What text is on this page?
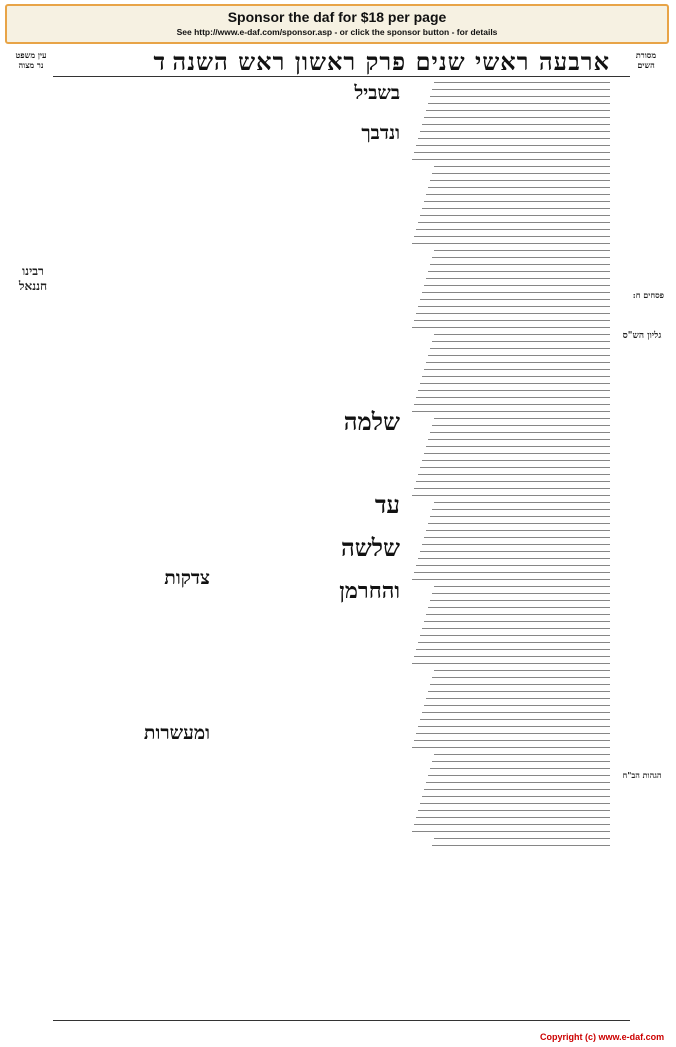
Sponsor the daf for $18 per page
See http://www.e-daf.com/sponsor.asp - or click the sponsor button - for details
מסורת השים
ארבעה ראשי שנים פרק ראשון ראש השנה
ד
עין משפט נר מצוה
פסחים ח:
גליון הש"ס
הגהות הב"ח
בשביל
ונדבך
שלמה
עד
שלשה
והחרמן
צדקות
ומעשרות
רבינו חננאל
Copyright (c) www.e-daf.com
